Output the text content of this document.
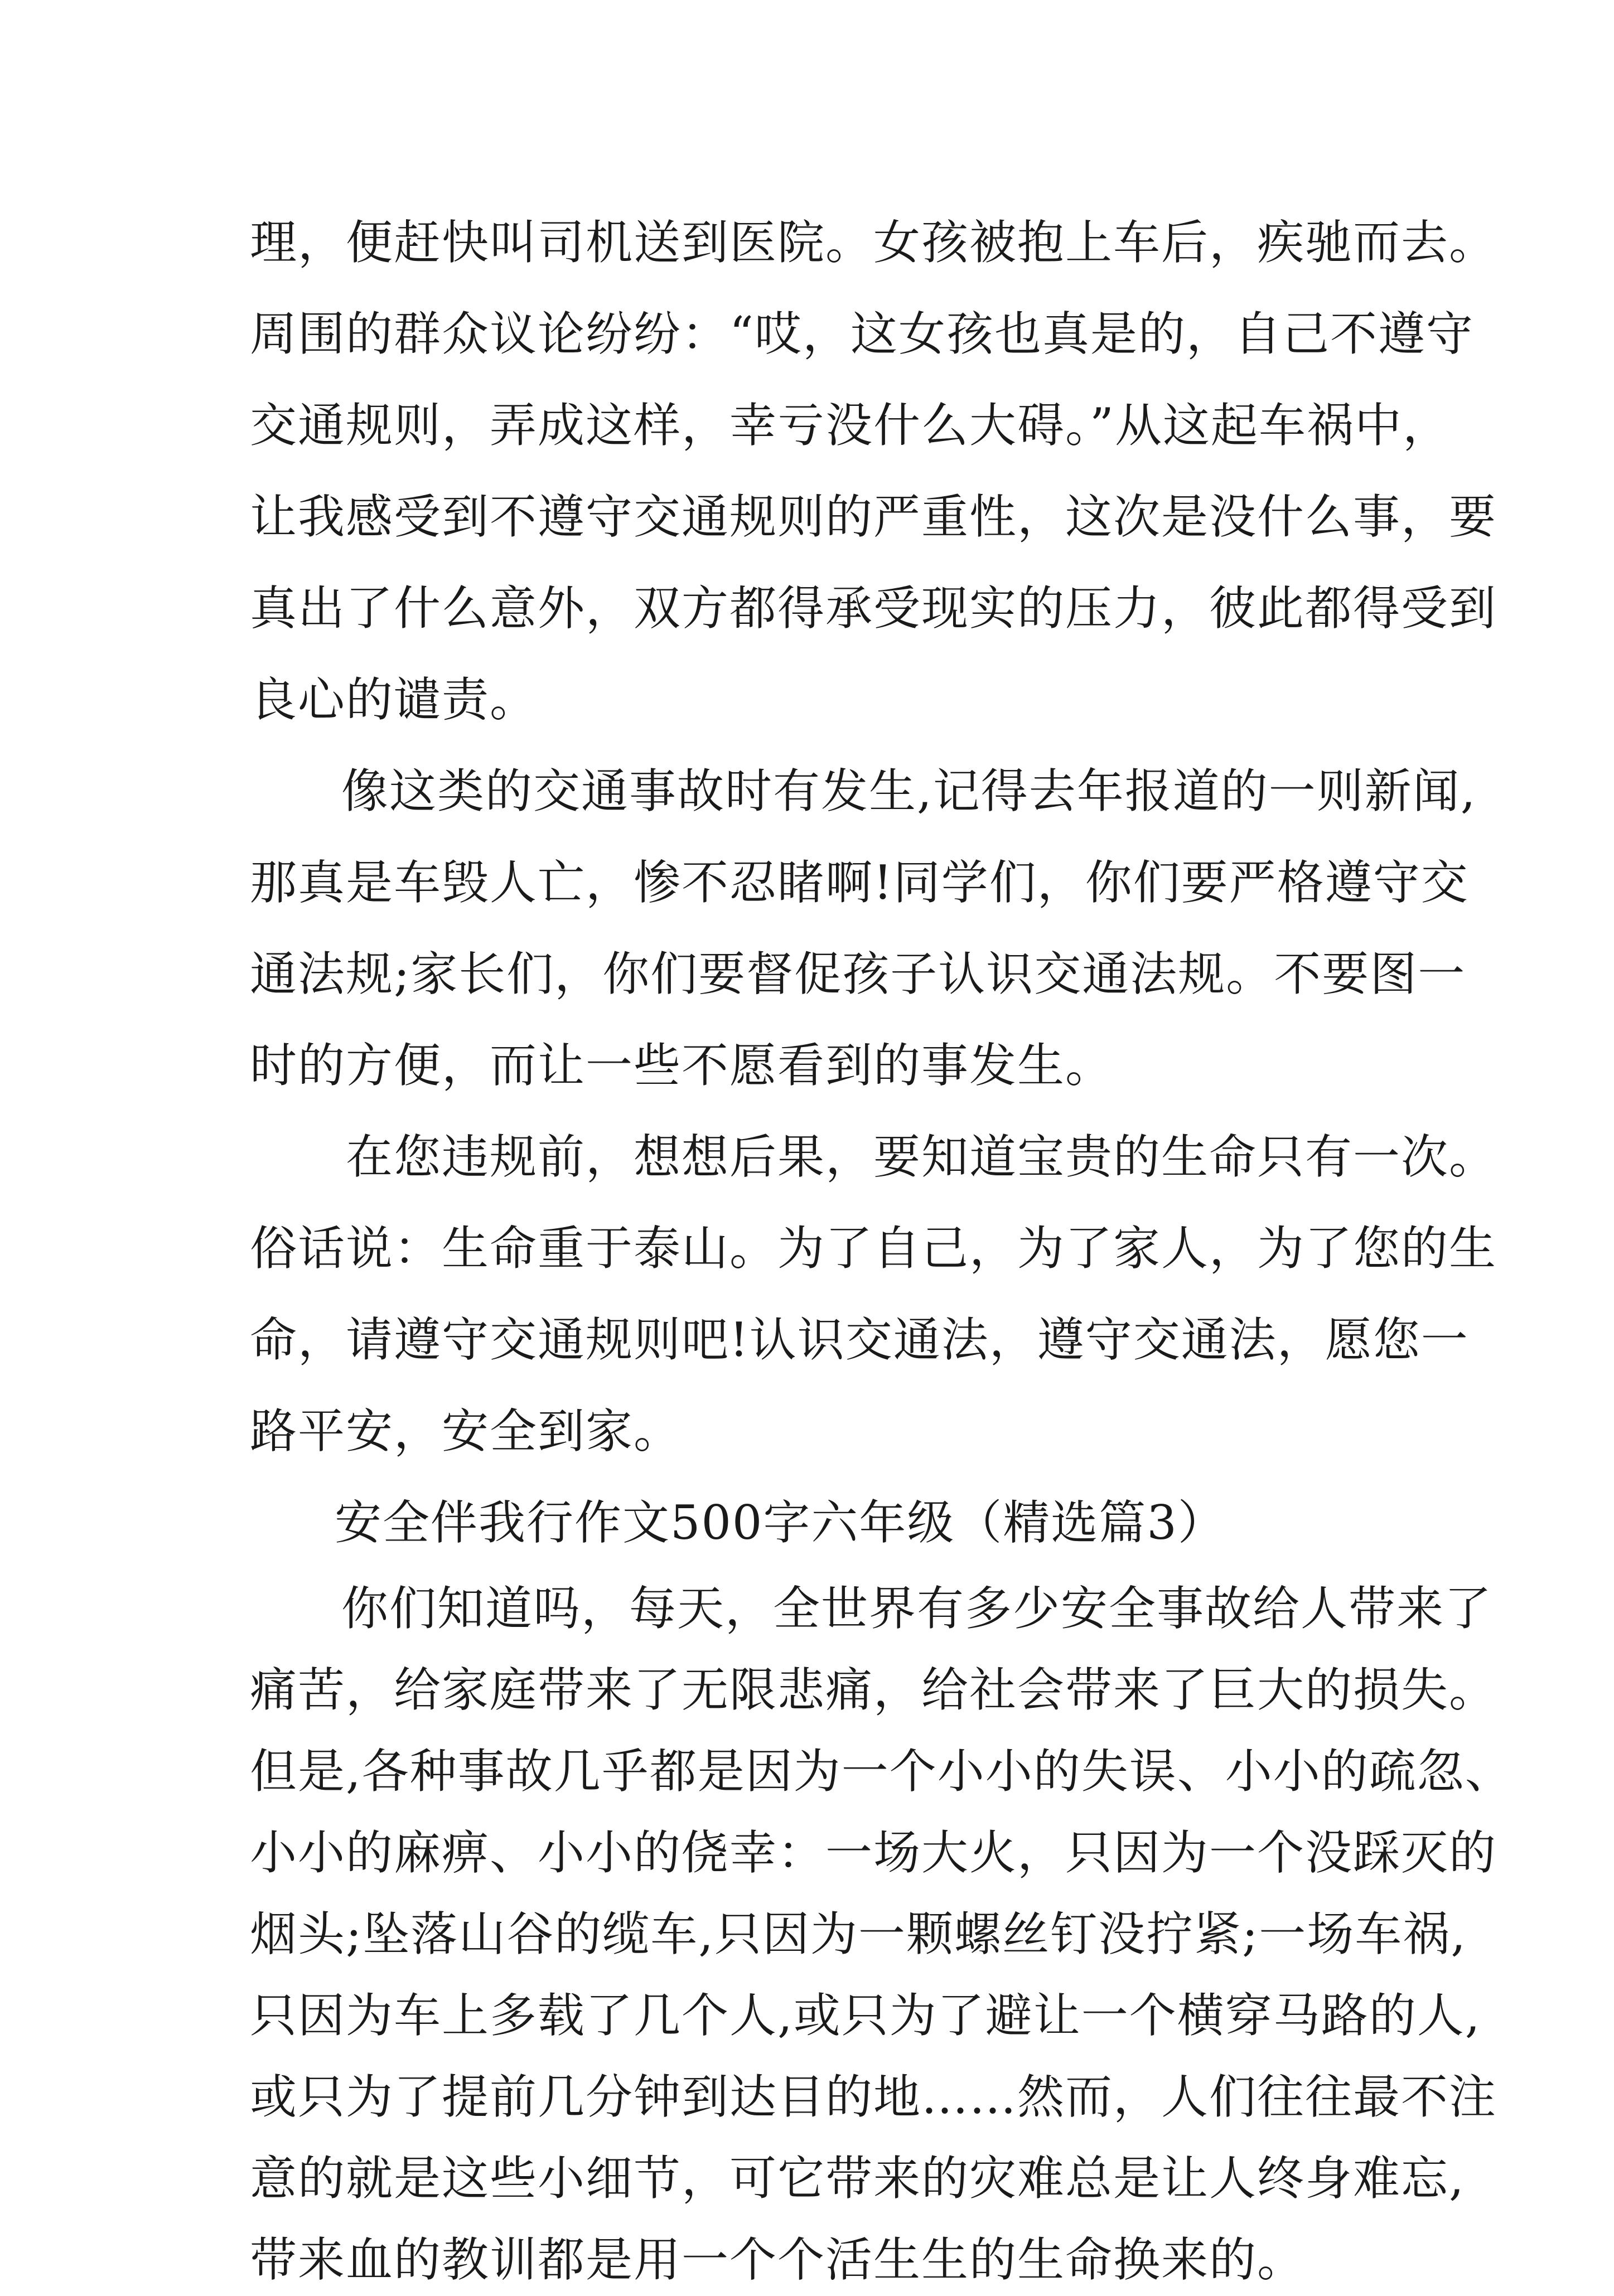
理，便赶快叫司机送到医院。女孩被抱上车后，疾驰而去。
周围的群众议论纷纷：“哎，这女孩也真是的，自己不遵守
交通规则，弄成这样，幸亏没什么大碍。”从这起车祸中，
让我感受到不遵守交通规则的严重性，这次是没什么事，要
真出了什么意外，双方都得承受现实的压力，彼此都得受到
良心的谴责。
像这类的交通事故时有发生,记得去年报道的一则新闻,
那真是车毁人亡，惨不忍睹啊!同学们，你们要严格遵守交
通法规;家长们，你们要督促孩子认识交通法规。不要图一
时的方便，而让一些不愿看到的事发生。
在您违规前，想想后果，要知道宝贵的生命只有一次。
俗话说：生命重于泰山。为了自己，为了家人，为了您的生
命，请遵守交通规则吧!认识交通法，遵守交通法，愿您一
路平安，安全到家。
安全伴我行作文500字六年级（精选篇3）
你们知道吗，每天，全世界有多少安全事故给人带来了
痛苦，给家庭带来了无限悲痛，给社会带来了巨大的损失。
但是,各种事故几乎都是因为一个小小的失误、小小的疏忽、
小小的麻痹、小小的侥幸：一场大火，只因为一个没踩灭的
烟头;坠落山谷的缆车,只因为一颗螺丝钉没拧紧;一场车祸,
只因为车上多载了几个人,或只为了避让一个横穿马路的人,
或只为了提前几分钟到达目的地……然而，人们往往最不注
意的就是这些小细节，可它带来的灾难总是让人终身难忘,
带来血的教训都是用一个个活生生的生命换来的。
